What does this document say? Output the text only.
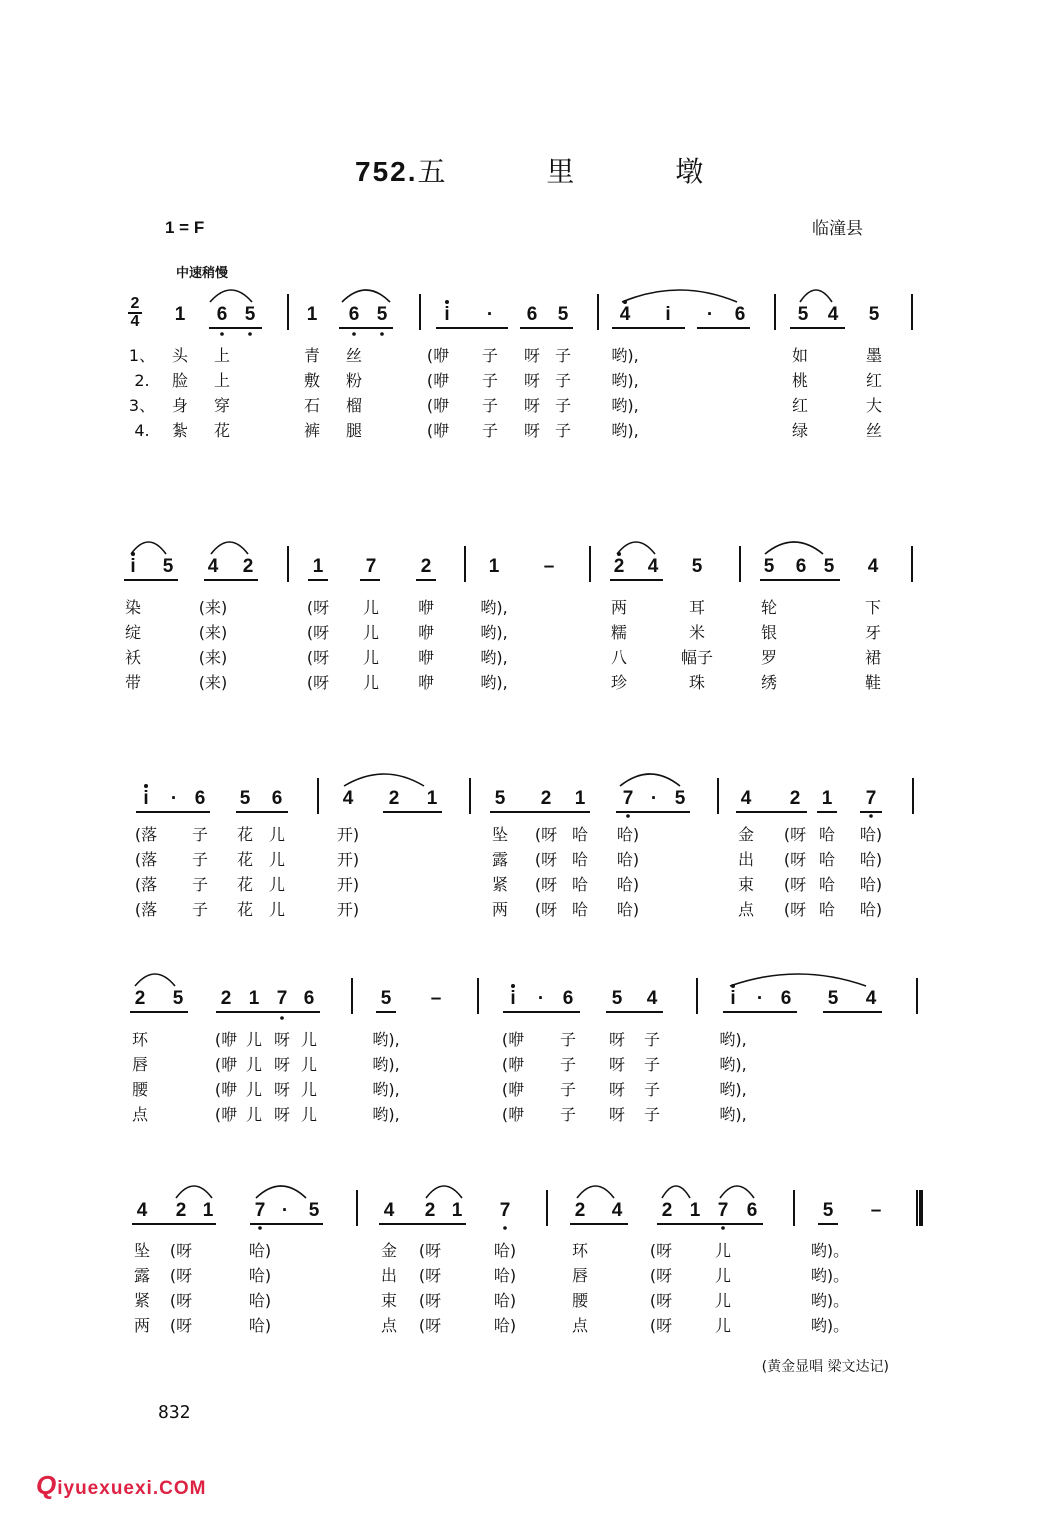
752.五 里 墩
1 = F	临潼县
中速稍慢
2
4 1 6 5	1 6 5	i · 6 5	4 i · 6	5 4 5
1、 头 上	青 丝	(咿 子 呀 子	哟),	如	墨
2. 脸 上	敷 粉	(咿 子 呀 子	哟),	桃	红
3、 身 穿	石 榴	(咿 子 呀 子	哟),	红	大
4. 紮 花	裤 腿	(咿 子 呀 子	哟),	绿	丝
i 5 4 2	1 7 2	1 –	2 4 5	5 6 5 4
染	(来)	(呀 儿 咿	哟),	两	耳	轮	下
绽	(来)	(呀 儿 咿	哟),	糯	米	银	牙
袄	(来)	(呀 儿 咿	哟),	八	幅子	罗	裙
带	(来)	(呀 儿 咿	哟),	珍	珠	绣	鞋
i · 6 5 6	4 2 1	5 2 1 7 · 5	4 2 1 7
(落 子 花 儿	开)	坠 (呀 哈 哈)	金 (呀 哈 哈)
(落 子 花 儿	开)	露 (呀 哈 哈)	出 (呀 哈 哈)
(落 子 花 儿	开)	紧 (呀 哈 哈)	束 (呀 哈 哈)
(落 子 花 儿	开)	两 (呀 哈 哈)	点 (呀 哈 哈)
2 5 2 1 7 6	5 –	i · 6 5 4	i · 6 5 4
环	(咿 儿 呀 儿	哟),	(咿 子 呀 子	哟),
唇	(咿 儿 呀 儿	哟),	(咿 子 呀 子	哟),
腰	(咿 儿 呀 儿	哟),	(咿 子 呀 子	哟),
点	(咿 儿 呀 儿	哟),	(咿 子 呀 子	哟),
4 2 1 7 · 5	4 2 1 7	2 4 2 1 7 6	5 –
坠 (呀	哈)	金 (呀	哈)	环	(呀	儿	哟)。
露 (呀	哈)	出 (呀	哈)	唇	(呀	儿	哟)。
紧 (呀	哈)	束 (呀	哈)	腰	(呀	儿	哟)。
两 (呀	哈)	点 (呀	哈)	点	(呀	儿	哟)。
(黄金显唱 梁文达记)
832
Qiyuexuexi.COM
